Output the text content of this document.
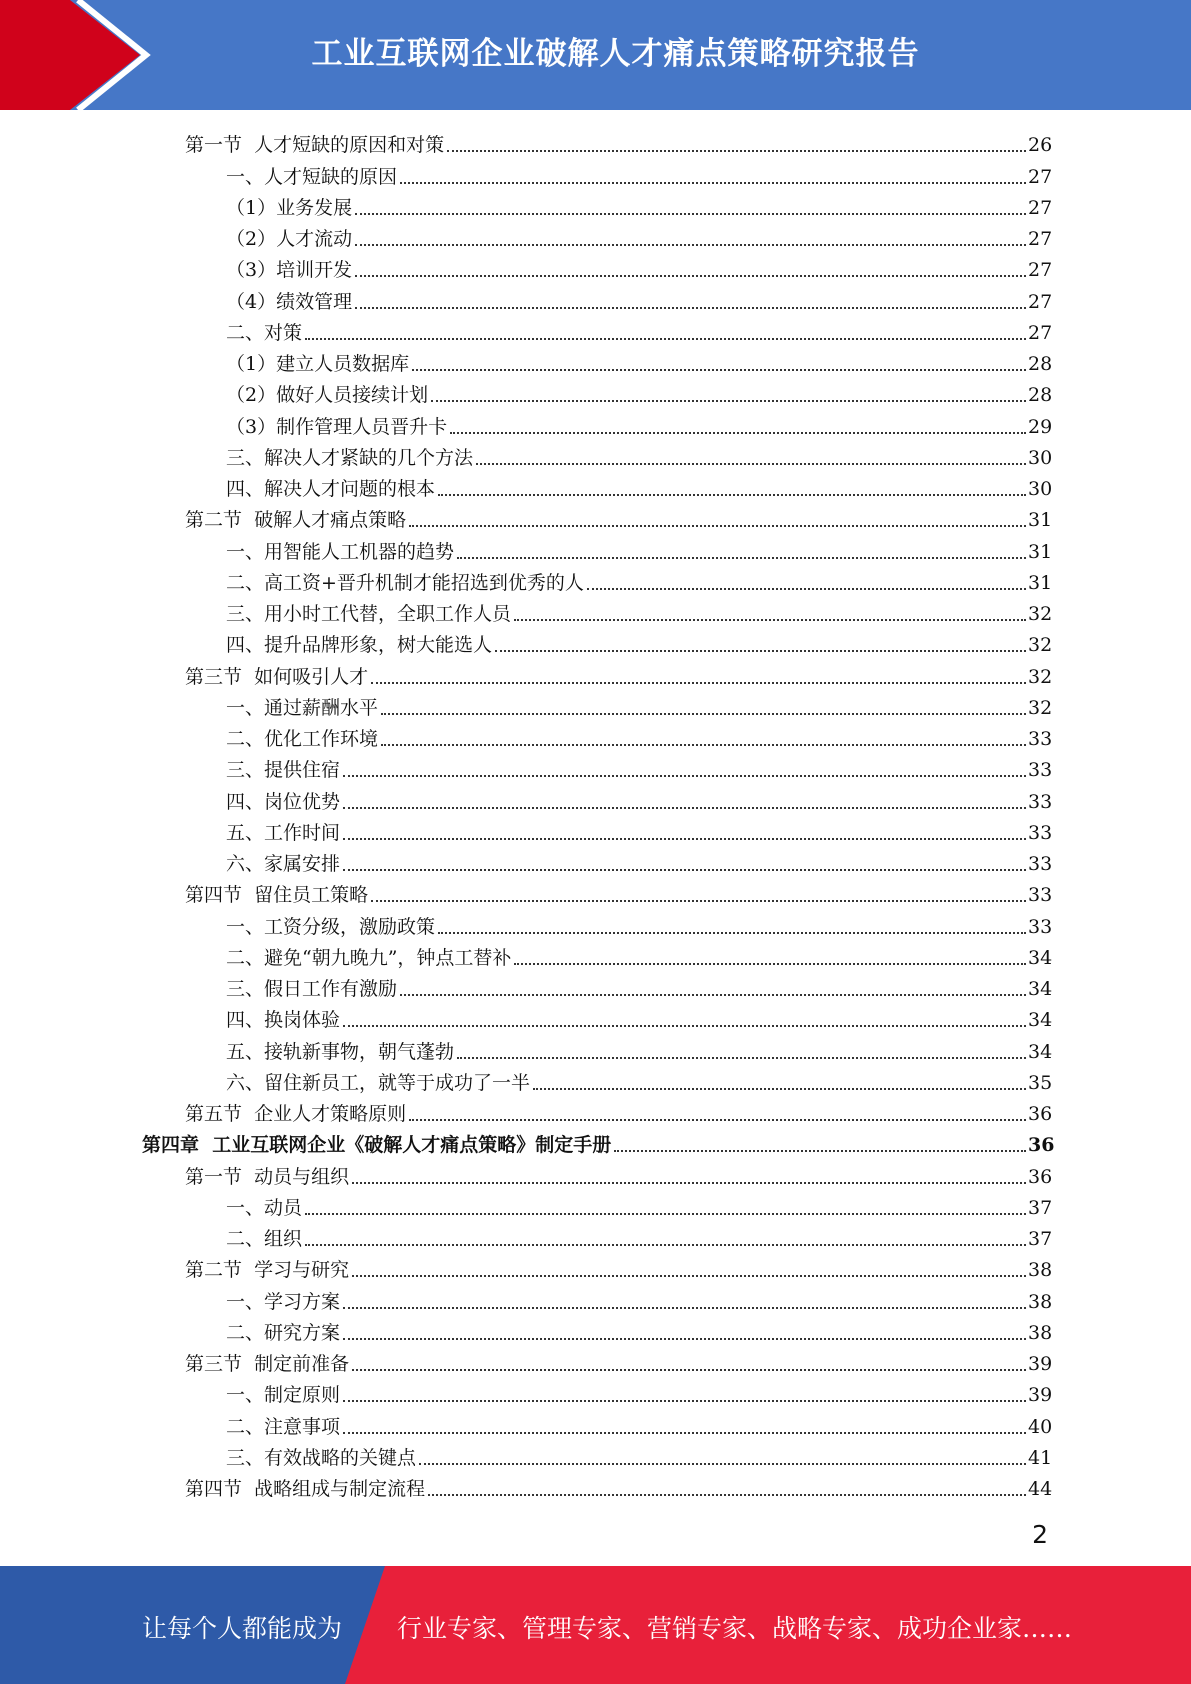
工业互联网企业破解人才痛点策略研究报告
第一节  人才短缺的原因和对策	26
一、人才短缺的原因	27
（1）业务发展	27
（2）人才流动	27
（3）培训开发	27
（4）绩效管理	27
二、对策	27
（1）建立人员数据库	28
（2）做好人员接续计划	28
（3）制作管理人员晋升卡	29
三、解决人才紧缺的几个方法	30
四、解决人才问题的根本	30
第二节  破解人才痛点策略	31
一、用智能人工机器的趋势	31
二、高工资+晋升机制才能招选到优秀的人	31
三、用小时工代替，全职工作人员	32
四、提升品牌形象，树大能选人	32
第三节  如何吸引人才	32
一、通过薪酬水平	32
二、优化工作环境	33
三、提供住宿	33
四、岗位优势	33
五、工作时间	33
六、家属安排	33
第四节  留住员工策略	33
一、工资分级，激励政策	33
二、避免“朝九晚九”，钟点工替补	34
三、假日工作有激励	34
四、换岗体验	34
五、接轨新事物，朝气蓬勃	34
六、留住新员工，就等于成功了一半	35
第五节  企业人才策略原则	36
第四章  工业互联网企业《破解人才痛点策略》制定手册	36
第一节  动员与组织	36
一、动员	37
二、组织	37
第二节  学习与研究	38
一、学习方案	38
二、研究方案	38
第三节  制定前准备	39
一、制定原则	39
二、注意事项	40
三、有效战略的关键点	41
第四节  战略组成与制定流程	44
2
让每个人都能成为 行业专家、管理专家、营销专家、战略专家、成功企业家……
